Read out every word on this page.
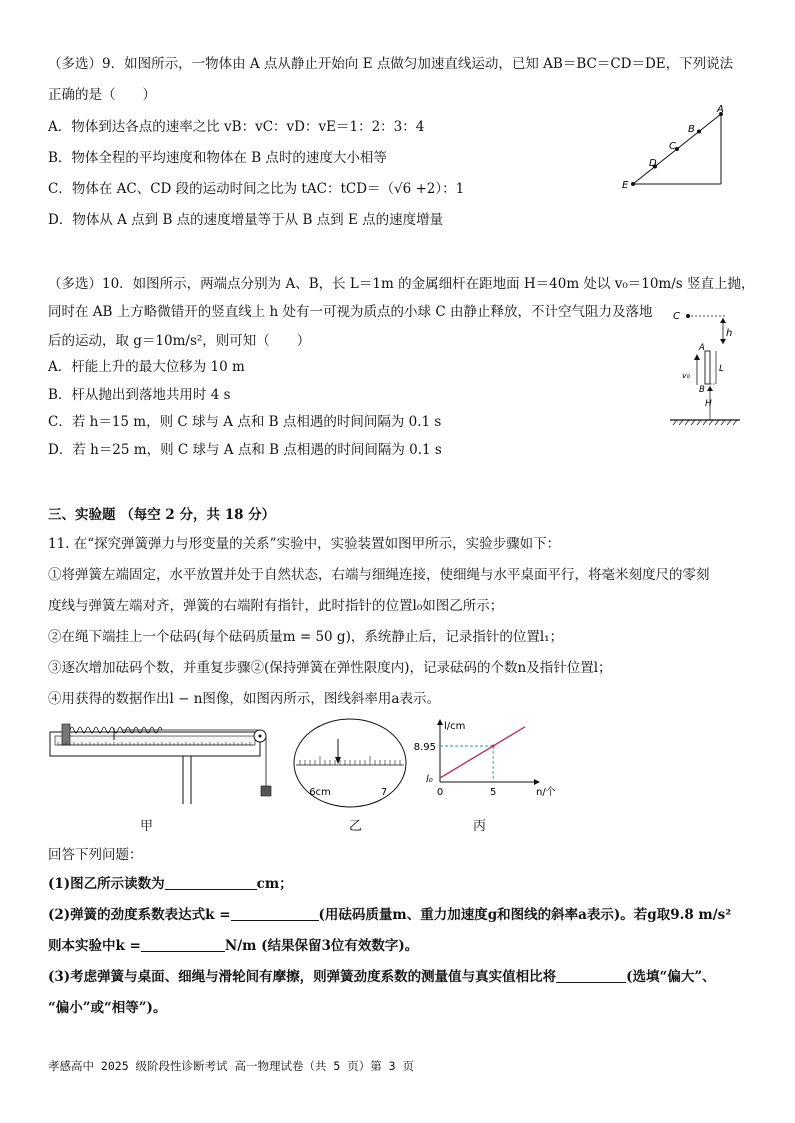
（多选）9．如图所示，一物体由 A 点从静止开始向 E 点做匀加速直线运动，已知 AB＝BC＝CD＝DE，下列说法
正确的是（　　）
A．物体到达各点的速率之比 vB：vC：vD：vE＝1：2：3：4
B．物体全程的平均速度和物体在 B 点时的速度大小相等
C．物体在 AC、CD 段的运动时间之比为 tAC：tCD＝（√6 +2）：1
D．物体从 A 点到 B 点的速度增量等于从 B 点到 E 点的速度增量
A
B
C
D
E
（多选）10．如图所示，两端点分别为 A、B，长 L＝1m 的金属细杆在距地面 H＝40m 处以 v₀＝10m/s 竖直上抛，
同时在 AB 上方略微错开的竖直线上 h 处有一可视为质点的小球 C 由静止释放，不计空气阻力及落地
后的运动，取 g＝10m/s²，则可知（　　）
A．杆能上升的最大位移为 10 m
B．杆从抛出到落地共用时 4 s
C．若 h＝15 m，则 C 球与 A 点和 B 点相遇的时间间隔为 0.1 s
D．若 h＝25 m，则 C 球与 A 点和 B 点相遇的时间间隔为 0.1 s
C
h
A
B
v₀
L
H
三、实验题 （每空 2 分，共 18 分）
11. 在“探究弹簧弹力与形变量的关系”实验中，实验装置如图甲所示，实验步骤如下：
①将弹簧左端固定，水平放置并处于自然状态，右端与细绳连接，使细绳与水平桌面平行，将毫米刻度尺的零刻
度线与弹簧左端对齐，弹簧的右端附有指针，此时指针的位置l₀如图乙所示；
②在绳下端挂上一个砝码(每个砝码质量m = 50 g)，系统静止后，记录指针的位置l₁；
③逐次增加砝码个数，并重复步骤②(保持弹簧在弹性限度内)，记录砝码的个数n及指针位置l；
④用获得的数据作出l − n图像，如图丙所示，图线斜率用a表示。
甲
6cm	7
乙
l/cm
n/个
0
l₀
8.95
5
丙
回答下列问题：
(1)图乙所示读数为	cm；
(2)弹簧的劲度系数表达式k =	(用砝码质量m、重力加速度g和图线的斜率a表示)。若g取9.8 m/s²
则本实验中k =	N/m (结果保留3位有效数字)。
(3)考虑弹簧与桌面、细绳与滑轮间有摩擦，则弹簧劲度系数的测量值与真实值相比将	(选填“偏大”、
“偏小”或“相等”)。
孝感高中 2025 级阶段性诊断考试 高一物理试卷（共 5 页）第 3 页
